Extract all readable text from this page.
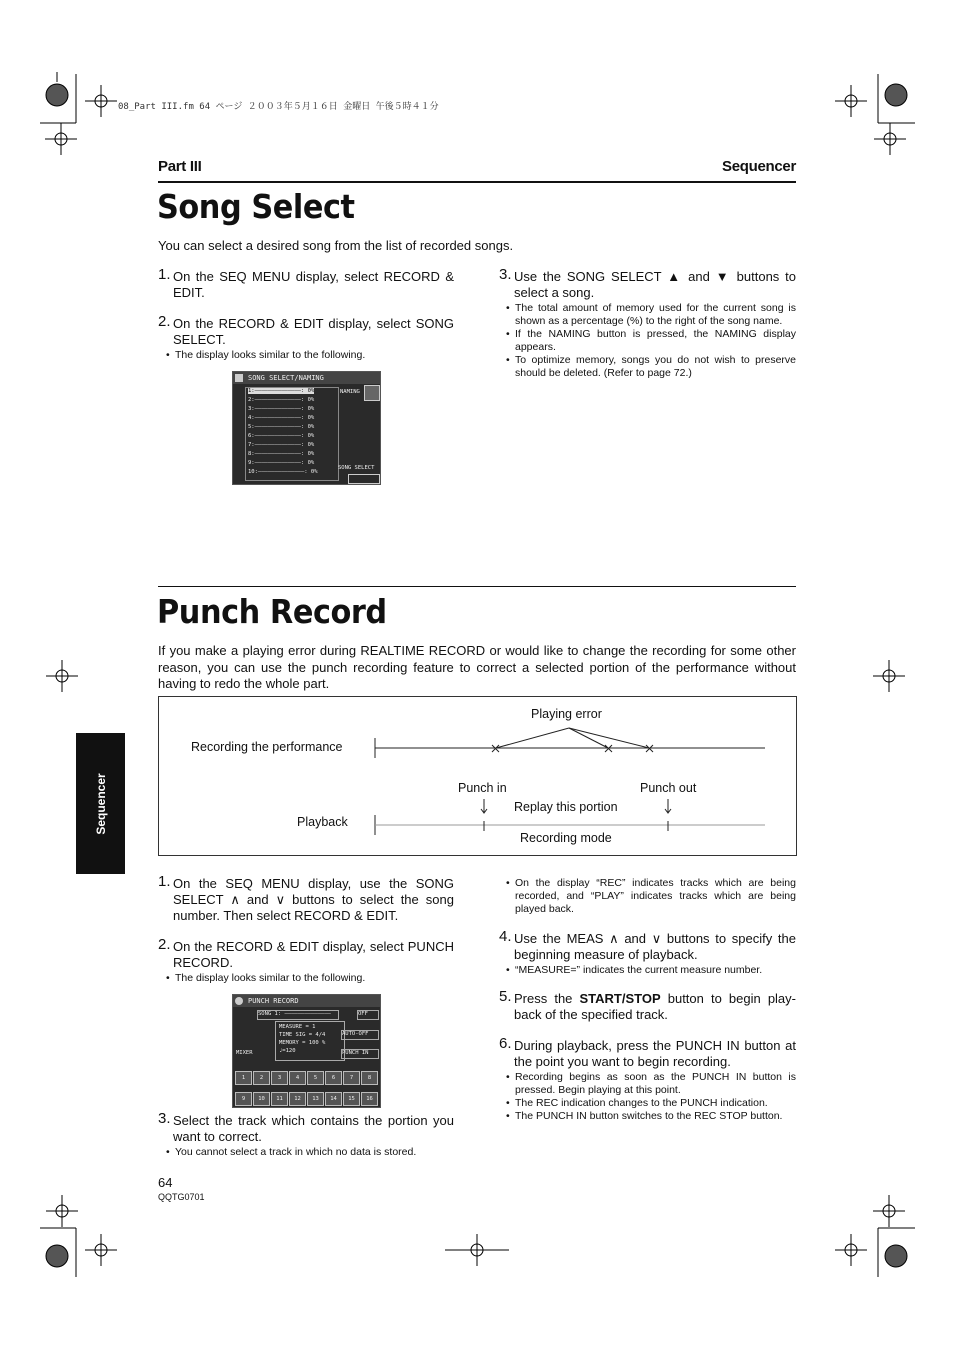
08_Part III.fm 64 ページ ２００３年５月１６日 金曜日 午後５時４１分
Part III	Sequencer
Song Select
You can select a desired song from the list of recorded songs.
1. On the SEQ MENU display, select RECORD & EDIT.
2. On the RECORD & EDIT display, select SONG SELECT.
• The display looks similar to the following.
SONG SELECT/NAMING
1:––––––––––––––: 0%
2:––––––––––––––: 0%
3:––––––––––––––: 0%
4:––––––––––––––: 0%
5:––––––––––––––: 0%
6:––––––––––––––: 0%
7:––––––––––––––: 0%
8:––––––––––––––: 0%
9:––––––––––––––: 0%
10:––––––––––––––: 0%
NAMING
SONG SELECT
3. Use the SONG SELECT ▲ and ▼ buttons to select a song.
• The total amount of memory used for the current song is shown as a percentage (%) to the right of the song name.
• If the NAMING button is pressed, the NAMING display appears.
• To optimize memory, songs you do not wish to preserve should be deleted. (Refer to page 72.)
Punch Record
If you make a playing error during REALTIME RECORD or would like to change the recording for some other reason, you can use the punch recording feature to correct a selected portion of the performance without having to redo the whole part.
Sequencer
Recording the performance
Playing error
Punch in	Punch out
Replay this portion
Playback
Recording mode
1. On the SEQ MENU display, use the SONG SELECT ∧ and ∨ buttons to select the song number. Then select RECORD & EDIT.
2. On the RECORD & EDIT display, select PUNCH RECORD.
• The display looks similar to the following.
PUNCH RECORD
SONG 1: ––––––––––––––	OFF
MEASURE = 1
TIME SIG = 4/4
MEMORY = 100 %
♩=120
AUTO-OFF
PUNCH IN
MIXER
1	2	3	4	5	6	7	8
9	10	11	12	13	14	15	16
3. Select the track which contains the portion you want to correct.
• You cannot select a track in which no data is stored.
• On the display “REC” indicates tracks which are being recorded, and “PLAY” indicates tracks which are being played back.
4. Use the MEAS ∧ and ∨ buttons to specify the beginning measure of playback.
• “MEASURE=” indicates the current measure number.
5. Press the START/STOP button to begin play-back of the specified track.
6. During playback, press the PUNCH IN button at the point you want to begin recording.
• Recording begins as soon as the PUNCH IN button is pressed. Begin playing at this point.
• The REC indication changes to the PUNCH indication.
• The PUNCH IN button switches to the REC STOP button.
64
QQTG0701
